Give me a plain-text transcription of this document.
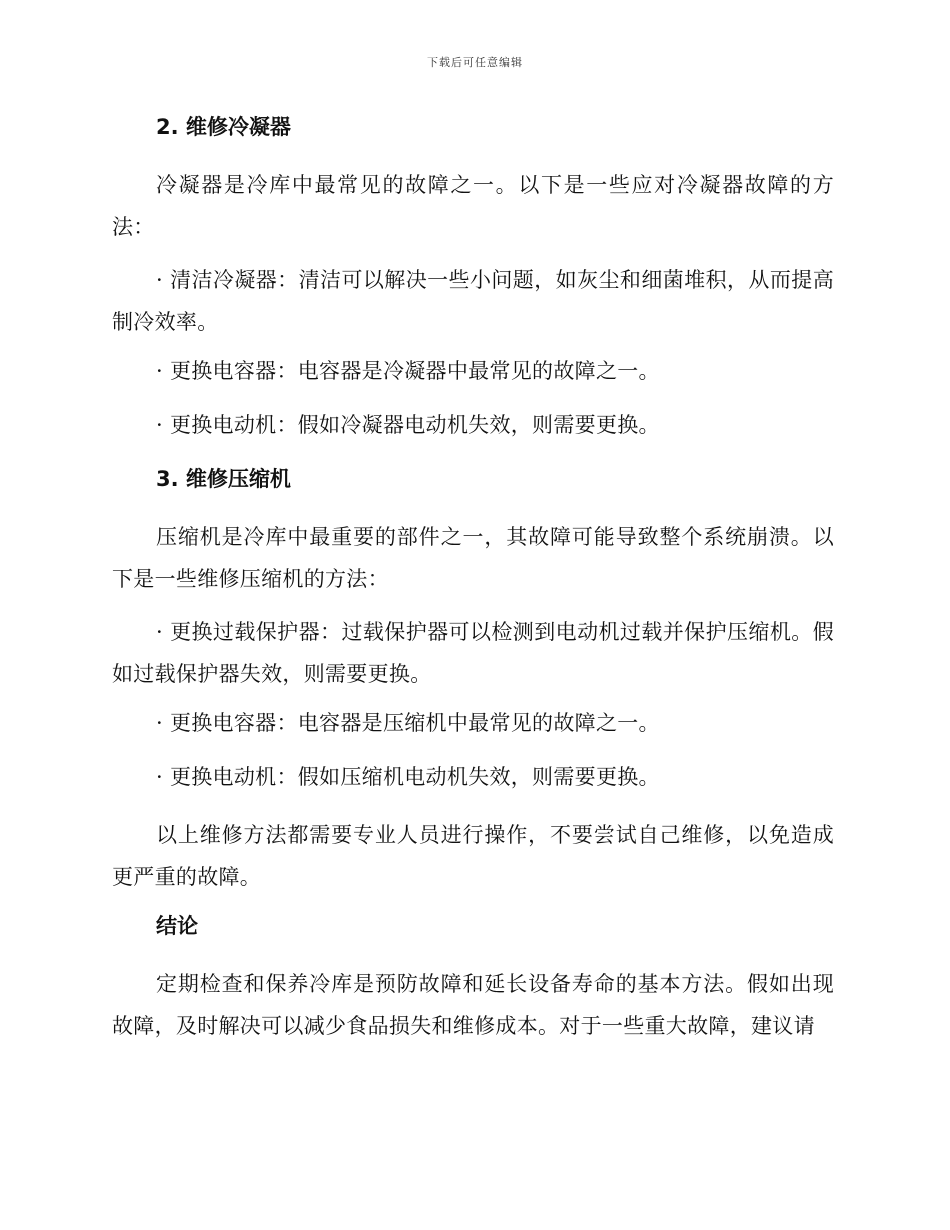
下载后可任意编辑
2. 维修冷凝器

冷凝器是冷库中最常见的故障之一。以下是一些应对冷凝器故障的方法：

· 清洁冷凝器：清洁可以解决一些小问题，如灰尘和细菌堆积，从而提高制冷效率。

· 更换电容器：电容器是冷凝器中最常见的故障之一。

· 更换电动机：假如冷凝器电动机失效，则需要更换。

3. 维修压缩机

压缩机是冷库中最重要的部件之一，其故障可能导致整个系统崩溃。以下是一些维修压缩机的方法：

· 更换过载保护器：过载保护器可以检测到电动机过载并保护压缩机。假如过载保护器失效，则需要更换。

· 更换电容器：电容器是压缩机中最常见的故障之一。

· 更换电动机：假如压缩机电动机失效，则需要更换。

以上维修方法都需要专业人员进行操作，不要尝试自己维修，以免造成更严重的故障。

结论

定期检查和保养冷库是预防故障和延长设备寿命的基本方法。假如出现故障，及时解决可以减少食品损失和维修成本。对于一些重大故障，建议请
